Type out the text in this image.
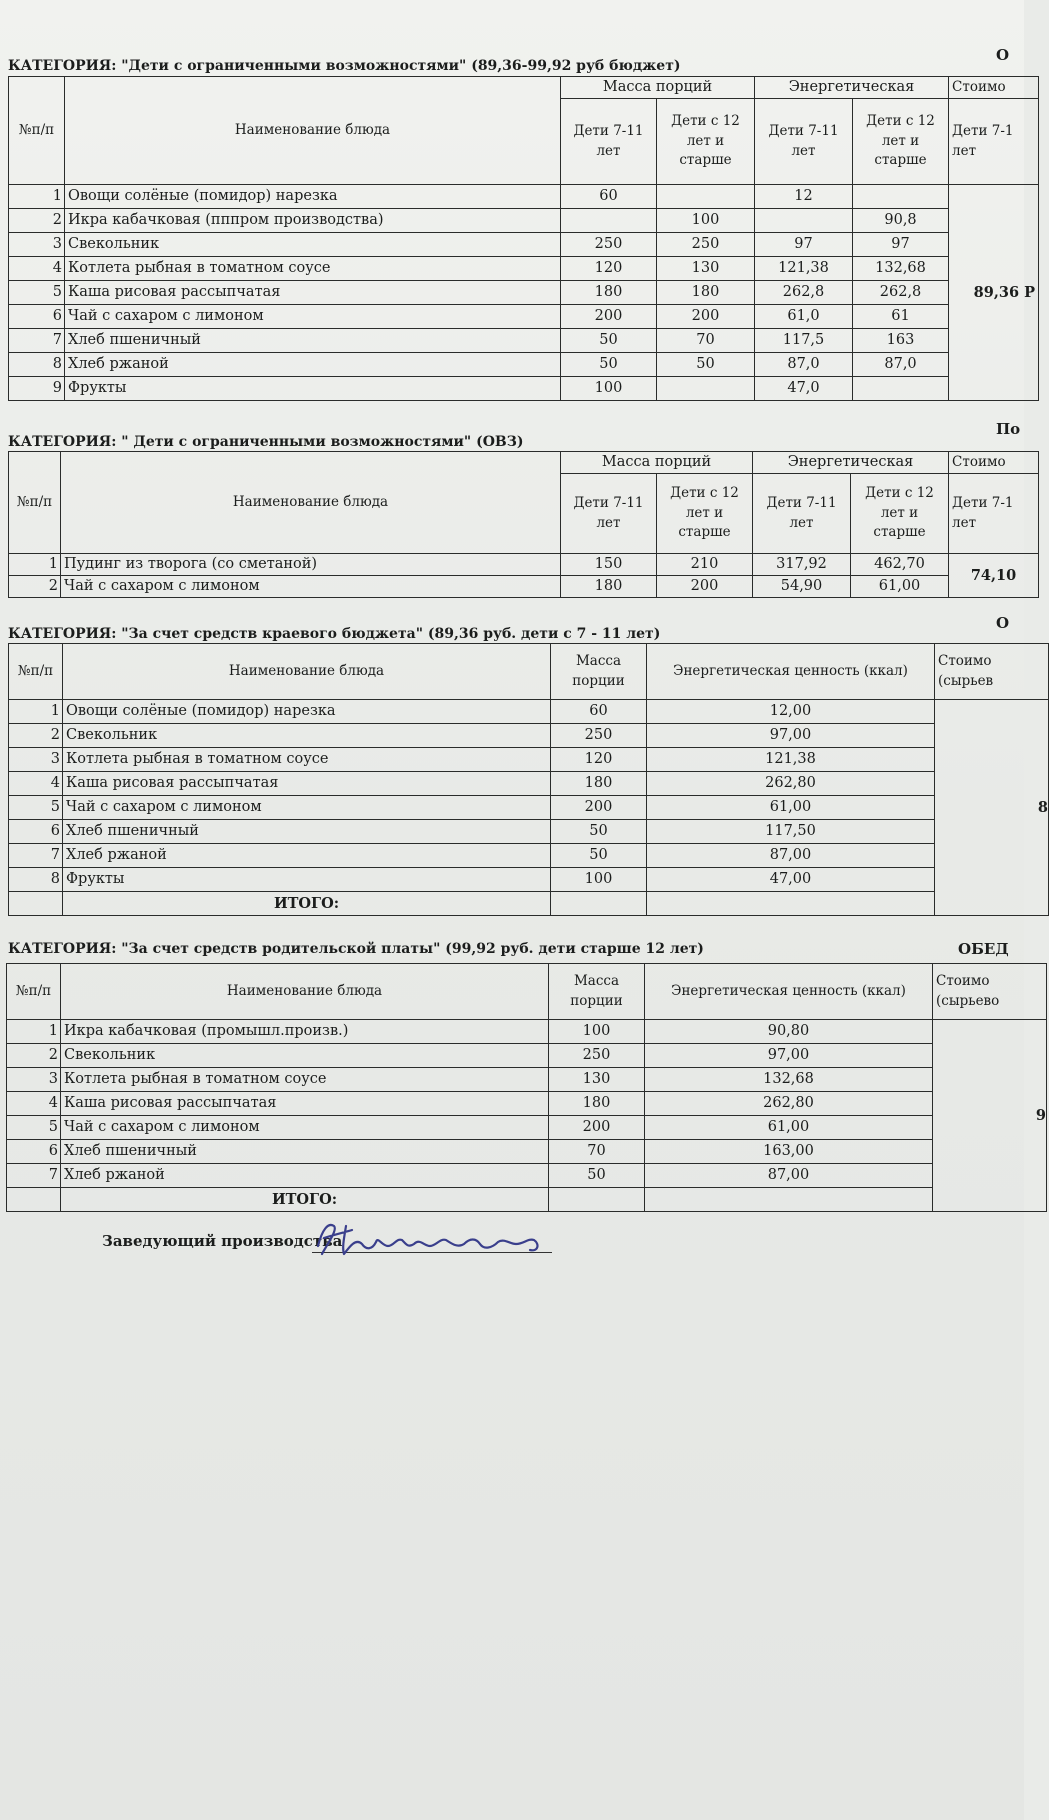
КАТЕГОРИЯ: "Дети с ограниченными возможностями" (89,36-99,92 руб бюджет)
О
№п/п	Наименование блюда	Масса порций		Энергетическая		Стоимо
		Дети 7-11 лет	Дети с 12 лет и старше	Дети 7-11 лет	Дети с 12 лет и старше	Дети 7-1 лет
1	Овощи солёные (помидор) нарезка	60		12		89,36 Р
2	Икра кабачковая (пппром производства)		100		90,8	
3	Свекольник	250	250	97	97	
4	Котлета рыбная в томатном соусе	120	130	121,38	132,68	
5	Каша рисовая рассыпчатая	180	180	262,8	262,8	
6	Чай с сахаром с лимоном	200	200	61,0	61	
7	Хлеб пшеничный	50	70	117,5	163	
8	Хлеб ржаной	50	50	87,0	87,0	
9	Фрукты	100		47,0		
КАТЕГОРИЯ: " Дети с ограниченными возможностями" (ОВЗ)
По
№п/п	Наименование блюда	Масса порций		Энергетическая		Стоимо
		Дети 7-11 лет	Дети с 12 лет и старше	Дети 7-11 лет	Дети с 12 лет и старше	Дети 7-1 лет
1	Пудинг из творога (со сметаной)	150	210	317,92	462,70	74,10
2	Чай с сахаром с лимоном	180	200	54,90	61,00	
КАТЕГОРИЯ: "За счет средств краевого бюджета" (89,36 руб. дети с 7 - 11 лет)
О
№п/п	Наименование блюда	Масса порции	Энергетическая ценность (ккал)	Стоимо (сырьев
1	Овощи солёные (помидор) нарезка	60	12,00	8
2	Свекольник	250	97,00	
3	Котлета рыбная в томатном соусе	120	121,38	
4	Каша рисовая рассыпчатая	180	262,80	
5	Чай с сахаром с лимоном	200	61,00	
6	Хлеб пшеничный	50	117,50	
7	Хлеб ржаной	50	87,00	
8	Фрукты	100	47,00	
	ИТОГО:			
КАТЕГОРИЯ: "За счет средств родительской платы" (99,92 руб. дети старше 12 лет)	ОБЕД
№п/п	Наименование блюда	Масса порции	Энергетическая ценность (ккал)	Стоимо (сырьево
1	Икра кабачковая (промышл.произв.)	100	90,80	9
2	Свекольник	250	97,00	
3	Котлета рыбная в томатном соусе	130	132,68	
4	Каша рисовая рассыпчатая	180	262,80	
5	Чай с сахаром с лимоном	200	61,00	
6	Хлеб пшеничный	70	163,00	
7	Хлеб ржаной	50	87,00	
	ИТОГО:			
Заведующий производства
